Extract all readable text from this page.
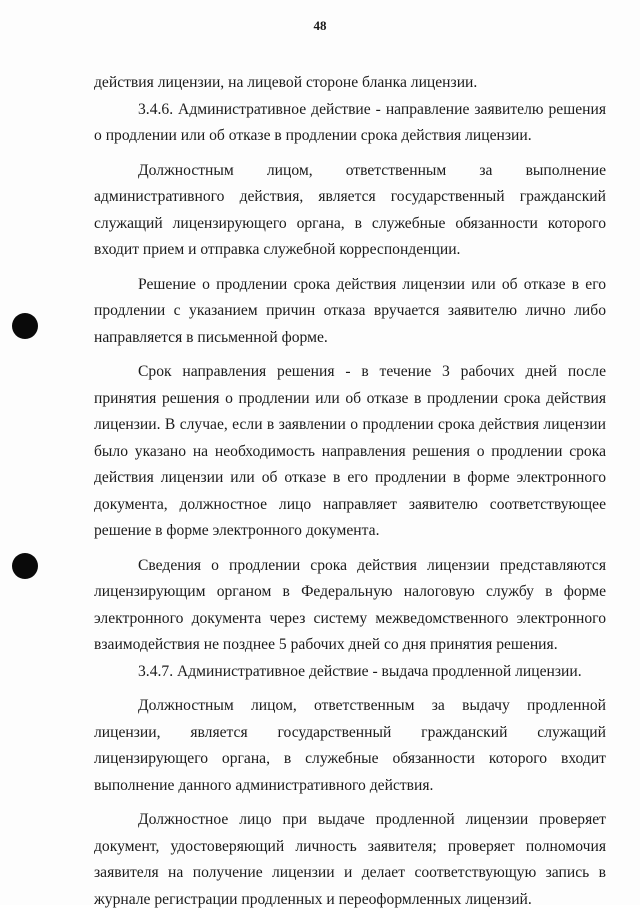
48

действия лицензии, на лицевой стороне бланка лицензии.

3.4.6. Административное действие - направление заявителю решения о продлении или об отказе в продлении срока действия лицензии.

Должностным лицом, ответственным за выполнение административного действия, является государственный гражданский служащий лицензирующего органа, в служебные обязанности которого входит прием и отправка служебной корреспонденции.

Решение о продлении срока действия лицензии или об отказе в его продлении с указанием причин отказа вручается заявителю лично либо направляется в письменной форме.

Срок направления решения - в течение 3 рабочих дней после принятия решения о продлении или об отказе в продлении срока действия лицензии. В случае, если в заявлении о продлении срока действия лицензии было указано на необходимость направления решения о продлении срока действия лицензии или об отказе в его продлении в форме электронного документа, должностное лицо направляет заявителю соответствующее решение в форме электронного документа.

Сведения о продлении срока действия лицензии представляются лицензирующим органом в Федеральную налоговую службу в форме электронного документа через систему межведомственного электронного взаимодействия не позднее 5 рабочих дней со дня принятия решения.

3.4.7. Административное действие - выдача продленной лицензии.

Должностным лицом, ответственным за выдачу продленной лицензии, является государственный гражданский служащий лицензирующего органа, в служебные обязанности которого входит выполнение данного административного действия.

Должностное лицо при выдаче продленной лицензии проверяет документ, удостоверяющий личность заявителя; проверяет полномочия заявителя на получение лицензии и делает соответствующую запись в журнале регистрации продленных и переоформленных лицензий.
